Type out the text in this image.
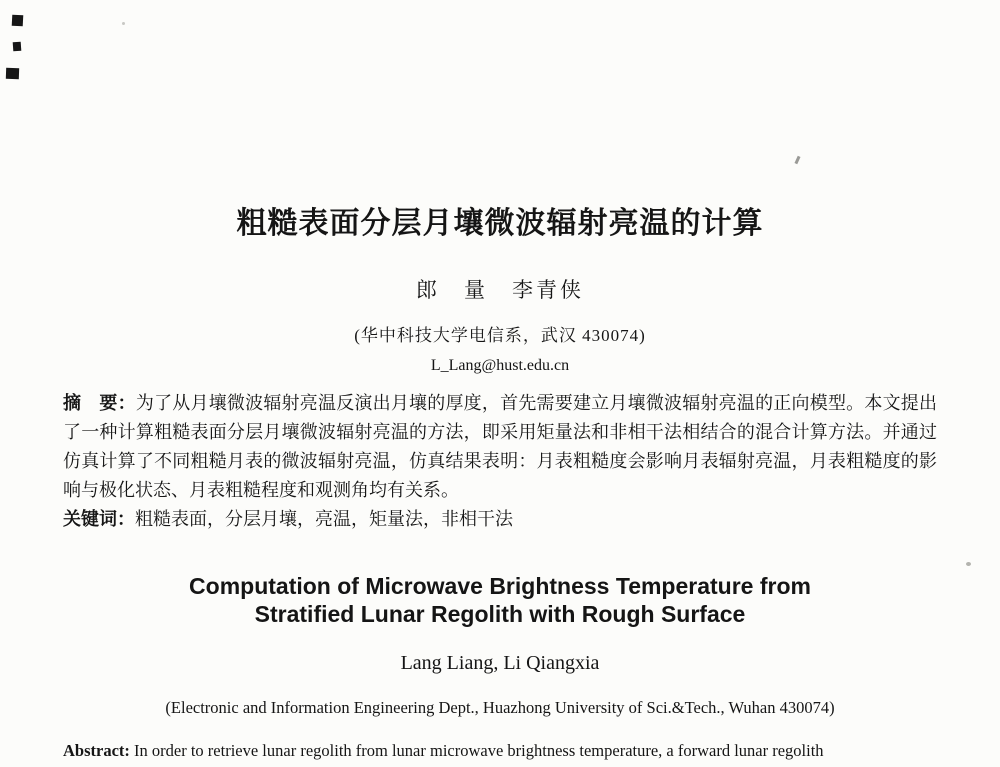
粗糙表面分层月壤微波辐射亮温的计算
郎　量　李青侠
(华中科技大学电信系，武汉 430074)
L_Lang@hust.edu.cn

摘　要：为了从月壤微波辐射亮温反演出月壤的厚度，首先需要建立月壤微波辐射亮温的正向模型。本文提出了一种计算粗糙表面分层月壤微波辐射亮温的方法，即采用矩量法和非相干法相结合的混合计算方法。并通过仿真计算了不同粗糙月表的微波辐射亮温，仿真结果表明：月表粗糙度会影响月表辐射亮温，月表粗糙度的影响与极化状态、月表粗糙程度和观测角均有关系。

关键词：粗糙表面，分层月壤，亮温，矩量法，非相干法

Computation of Microwave Brightness Temperature from
Stratified Lunar Regolith with Rough Surface
Lang Liang, Li Qiangxia
(Electronic and Information Engineering Dept., Huazhong University of Sci.&Tech., Wuhan 430074)
Abstract: In order to retrieve lunar regolith from lunar microwave brightness temperature, a forward lunar regolith
